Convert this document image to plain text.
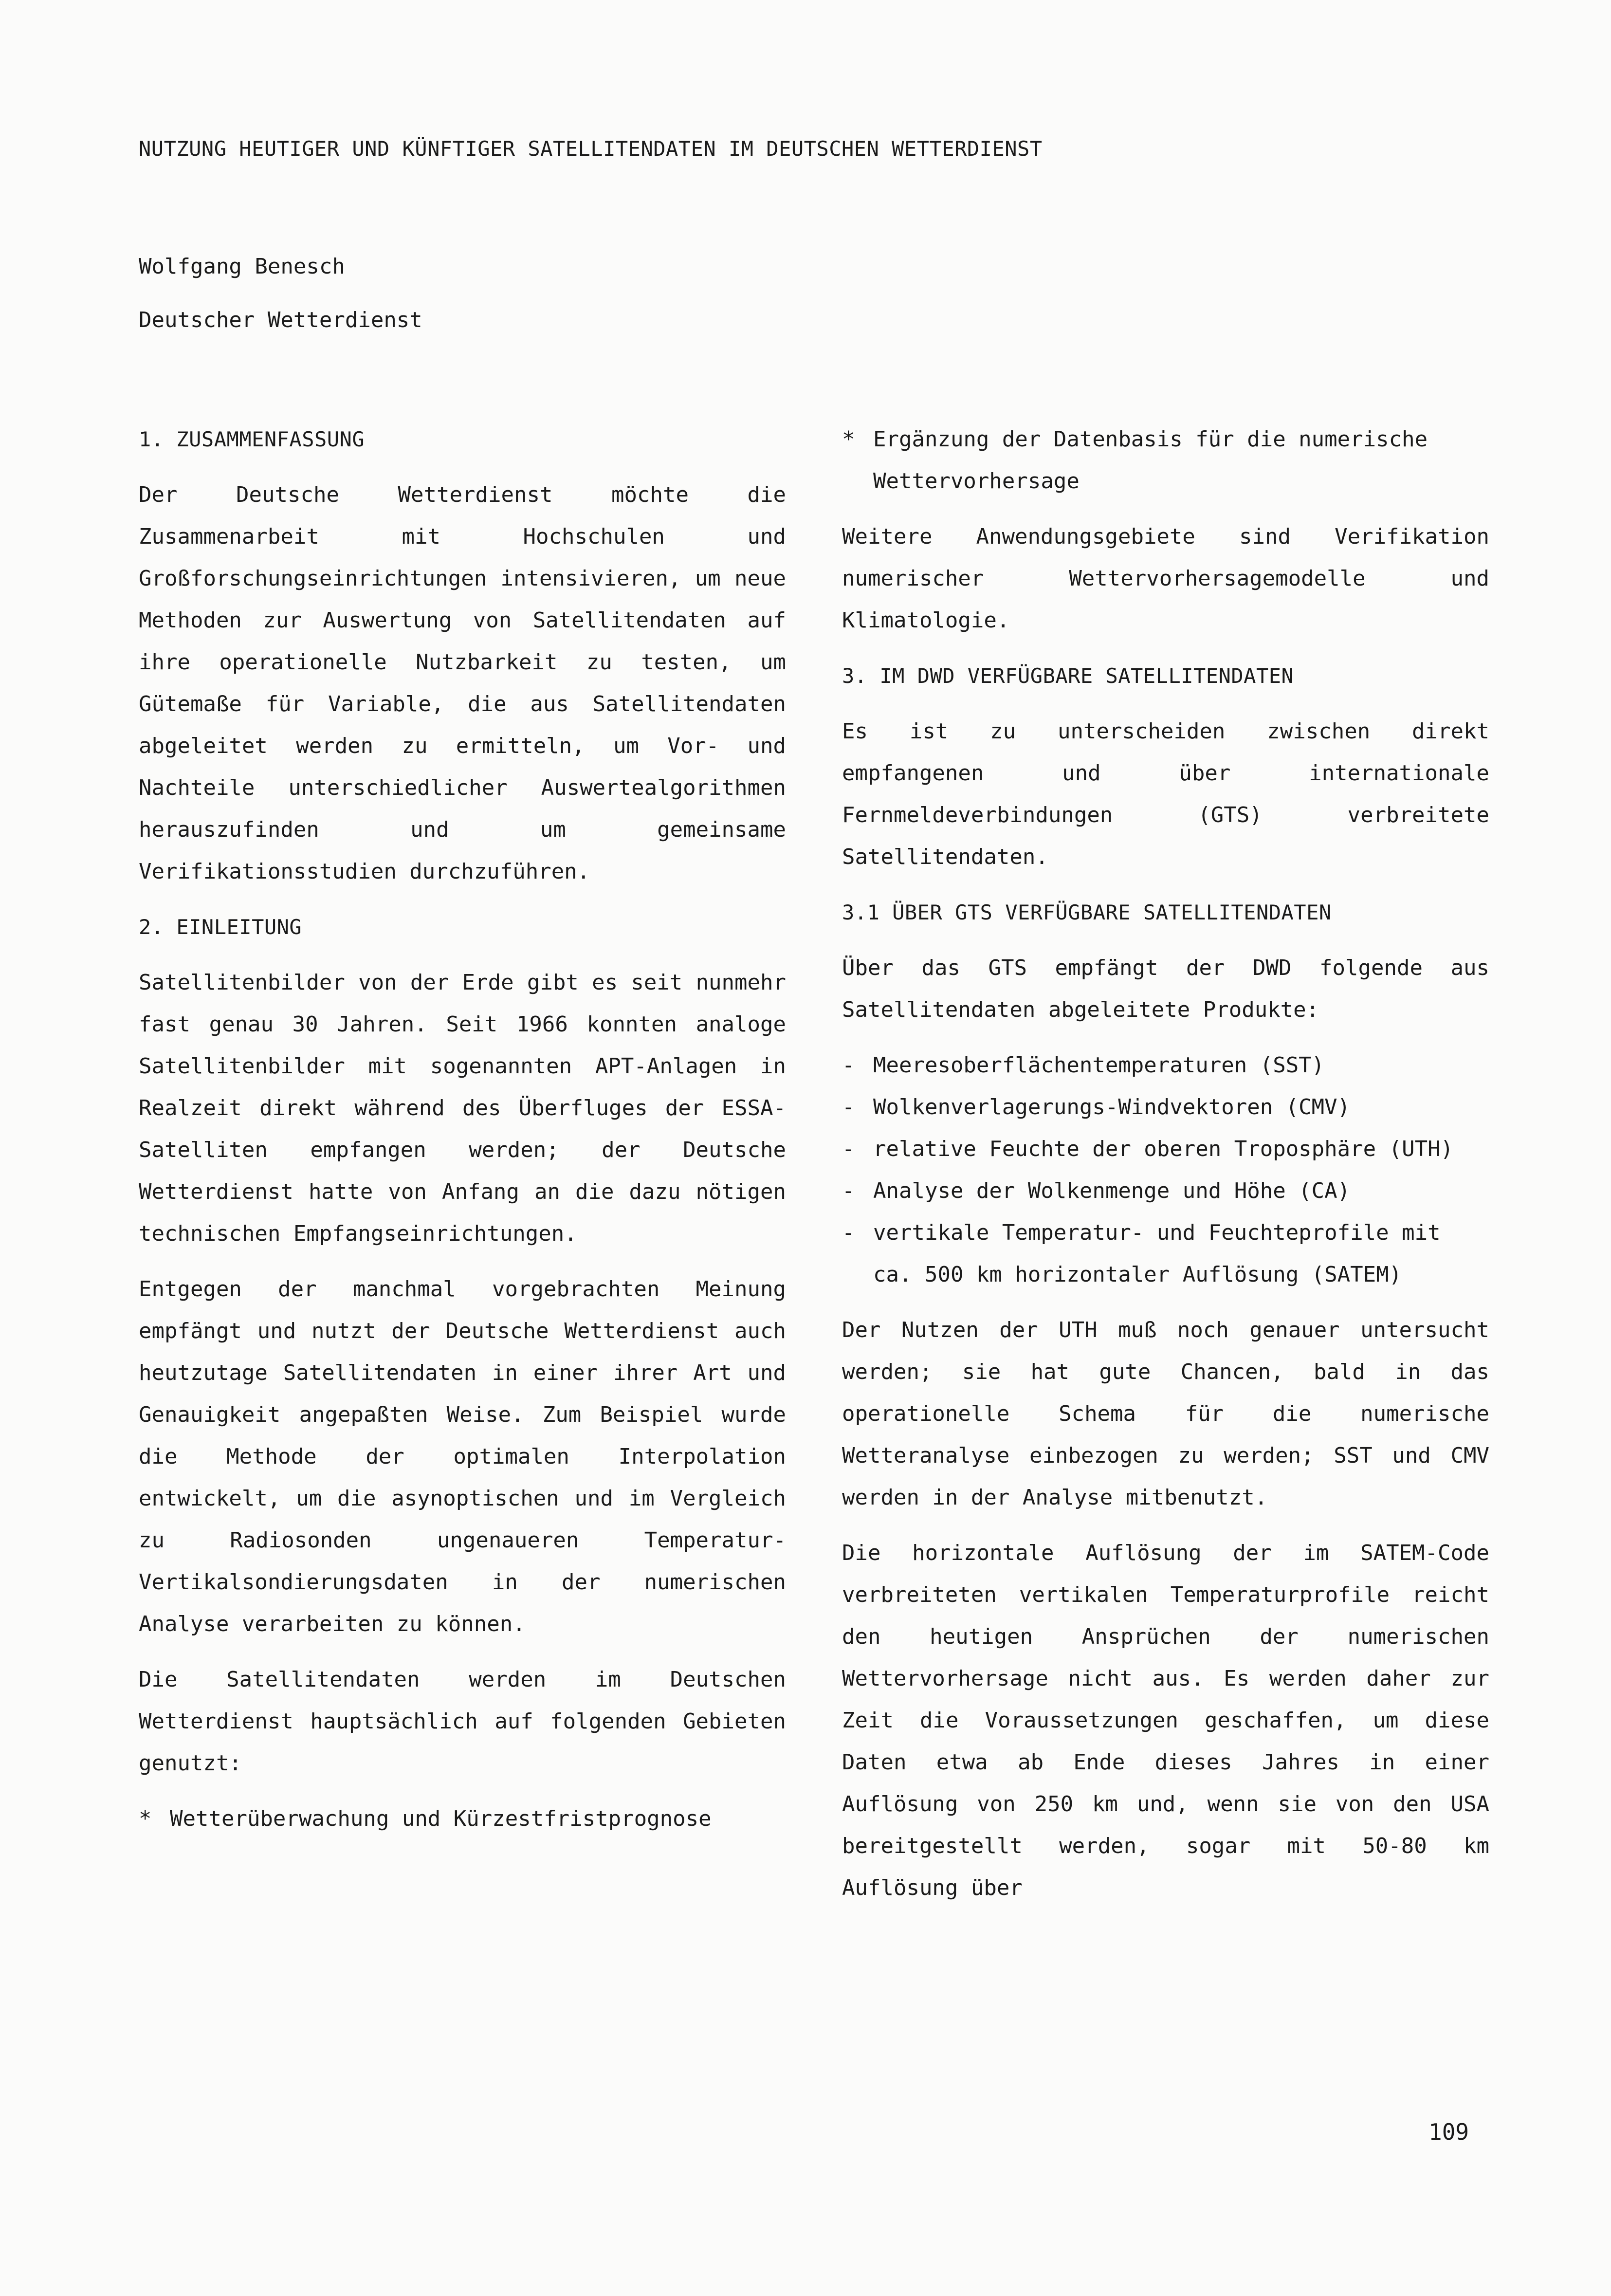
NUTZUNG HEUTIGER UND KÜNFTIGER SATELLITENDATEN IM DEUTSCHEN WETTERDIENST
Wolfgang Benesch
Deutscher Wetterdienst
1. ZUSAMMENFASSUNG

Der Deutsche Wetterdienst möchte die Zusammenarbeit mit Hochschulen und Großforschungseinrichtungen intensivieren, um neue Methoden zur Auswertung von Satellitendaten auf ihre operationelle Nutzbarkeit zu testen, um Gütemaße für Variable, die aus Satellitendaten abgeleitet werden zu ermitteln, um Vor- und Nachteile unterschiedlicher Auswertealgorithmen herauszufinden und um gemeinsame Verifikationsstudien durchzuführen.

2. EINLEITUNG

Satellitenbilder von der Erde gibt es seit nunmehr fast genau 30 Jahren. Seit 1966 konnten analoge Satellitenbilder mit sogenannten APT-Anlagen in Realzeit direkt während des Überfluges der ESSA-Satelliten empfangen werden; der Deutsche Wetterdienst hatte von Anfang an die dazu nötigen technischen Empfangseinrichtungen.

Entgegen der manchmal vorgebrachten Meinung empfängt und nutzt der Deutsche Wetterdienst auch heutzutage Satellitendaten in einer ihrer Art und Genauigkeit angepaßten Weise. Zum Beispiel wurde die Methode der optimalen Interpolation entwickelt, um die asynoptischen und im Vergleich zu Radiosonden ungenaueren Temperatur-Vertikalsondierungsdaten in der numerischen Analyse verarbeiten zu können.

Die Satellitendaten werden im Deutschen Wetterdienst hauptsächlich auf folgenden Gebieten genutzt:

* Wetterüberwachung und Kürzestfristprognose
* Ergänzung der Datenbasis für die numerische Wettervorhersage

Weitere Anwendungsgebiete sind Verifikation numerischer Wettervorhersagemodelle und Klimatologie.

3. IM DWD VERFÜGBARE SATELLITENDATEN

Es ist zu unterscheiden zwischen direkt empfangenen und über internationale Fernmeldeverbindungen (GTS) verbreitete Satellitendaten.

3.1 ÜBER GTS VERFÜGBARE SATELLITENDATEN

Über das GTS empfängt der DWD folgende aus Satellitendaten abgeleitete Produkte:

- Meeresoberflächentemperaturen (SST)
- Wolkenverlagerungs-Windvektoren (CMV)
- relative Feuchte der oberen Troposphäre (UTH)
- Analyse der Wolkenmenge und Höhe (CA)
- vertikale Temperatur- und Feuchteprofile mit ca. 500 km horizontaler Auflösung (SATEM)

Der Nutzen der UTH muß noch genauer untersucht werden; sie hat gute Chancen, bald in das operationelle Schema für die numerische Wetteranalyse einbezogen zu werden; SST und CMV werden in der Analyse mitbenutzt.

Die horizontale Auflösung der im SATEM-Code verbreiteten vertikalen Temperaturprofile reicht den heutigen Ansprüchen der numerischen Wettervorhersage nicht aus. Es werden daher zur Zeit die Voraussetzungen geschaffen, um diese Daten etwa ab Ende dieses Jahres in einer Auflösung von 250 km und, wenn sie von den USA bereitgestellt werden, sogar mit 50-80 km Auflösung über

109
